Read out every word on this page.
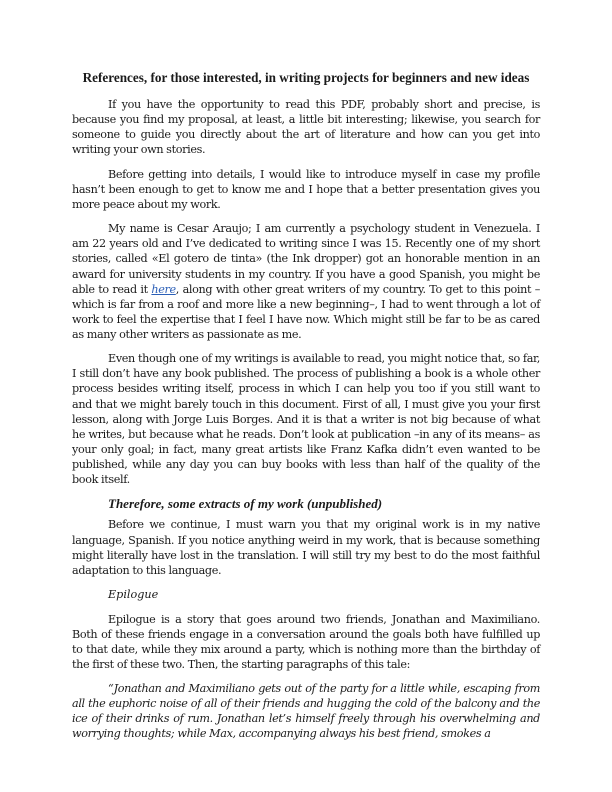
References, for those interested, in writing projects for beginners and new ideas

If you have the opportunity to read this PDF, probably short and precise, is because you find my proposal, at least, a little bit interesting; likewise, you search for someone to guide you directly about the art of literature and how can you get into writing your own stories.

Before getting into details, I would like to introduce myself in case my profile hasn’t been enough to get to know me and I hope that a better presentation gives you more peace about my work.

My name is Cesar Araujo; I am currently a psychology student in Venezuela. I am 22 years old and I’ve dedicated to writing since I was 15. Recently one of my short stories, called «El gotero de tinta» (the Ink dropper) got an honorable mention in an award for university students in my country. If you have a good Spanish, you might be able to read it here, along with other great writers of my country. To get to this point –which is far from a roof and more like a new beginning–, I had to went through a lot of work to feel the expertise that I feel I have now. Which might still be far to be as cared as many other writers as passionate as me.

Even though one of my writings is available to read, you might notice that, so far, I still don’t have any book published. The process of publishing a book is a whole other process besides writing itself, process in which I can help you too if you still want to and that we might barely touch in this document. First of all, I must give you your first lesson, along with Jorge Luis Borges. And it is that a writer is not big because of what he writes, but because what he reads. Don’t look at publication –in any of its means– as your only goal; in fact, many great artists like Franz Kafka didn’t even wanted to be published, while any day you can buy books with less than half of the quality of the book itself.

Therefore, some extracts of my work (unpublished)

Before we continue, I must warn you that my original work is in my native language, Spanish. If you notice anything weird in my work, that is because something might literally have lost in the translation. I will still try my best to do the most faithful adaptation to this language.

Epilogue

Epilogue is a story that goes around two friends, Jonathan and Maximiliano. Both of these friends engage in a conversation around the goals both have fulfilled up to that date, while they mix around a party, which is nothing more than the birthday of the first of these two. Then, the starting paragraphs of this tale:

“Jonathan and Maximiliano gets out of the party for a little while, escaping from all the euphoric noise of all of their friends and hugging the cold of the balcony and the ice of their drinks of rum. Jonathan let’s himself freely through his overwhelming and worrying thoughts; while Max, accompanying always his best friend, smokes a
